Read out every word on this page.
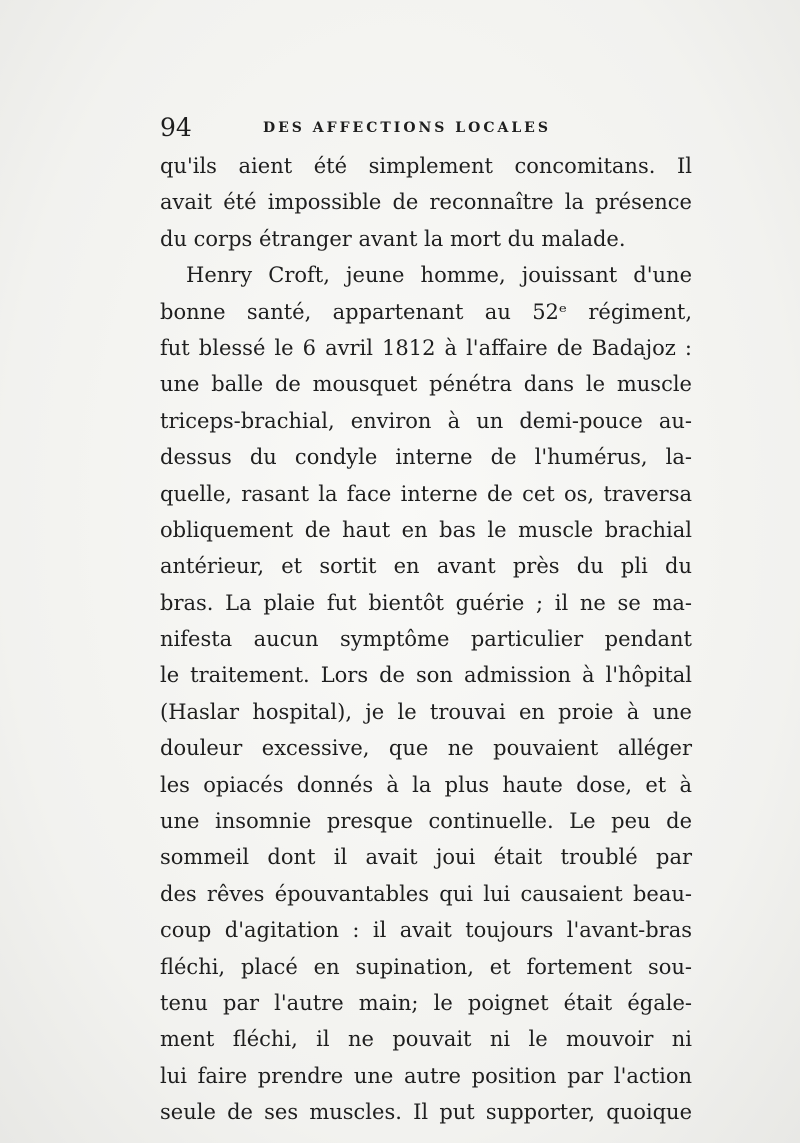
94	DES AFFECTIONS LOCALES
qu'ils aient été simplement concomitans. Il
avait été impossible de reconnaître la présence
du corps étranger avant la mort du malade.
Henry Croft, jeune homme, jouissant d'une
bonne santé, appartenant au 52ᵉ régiment,
fut blessé le 6 avril 1812 à l'affaire de Badajoz :
une balle de mousquet pénétra dans le muscle
triceps-brachial, environ à un demi-pouce au-
dessus du condyle interne de l'humérus, la-
quelle, rasant la face interne de cet os, traversa
obliquement de haut en bas le muscle brachial
antérieur, et sortit en avant près du pli du
bras. La plaie fut bientôt guérie ; il ne se ma-
nifesta aucun symptôme particulier pendant
le traitement. Lors de son admission à l'hôpital
(Haslar hospital), je le trouvai en proie à une
douleur excessive, que ne pouvaient alléger
les opiacés donnés à la plus haute dose, et à
une insomnie presque continuelle. Le peu de
sommeil dont il avait joui était troublé par
des rêves épouvantables qui lui causaient beau-
coup d'agitation : il avait toujours l'avant-bras
fléchi, placé en supination, et fortement sou-
tenu par l'autre main; le poignet était égale-
ment fléchi, il ne pouvait ni le mouvoir ni
lui faire prendre une autre position par l'action
seule de ses muscles. Il put supporter, quoique
